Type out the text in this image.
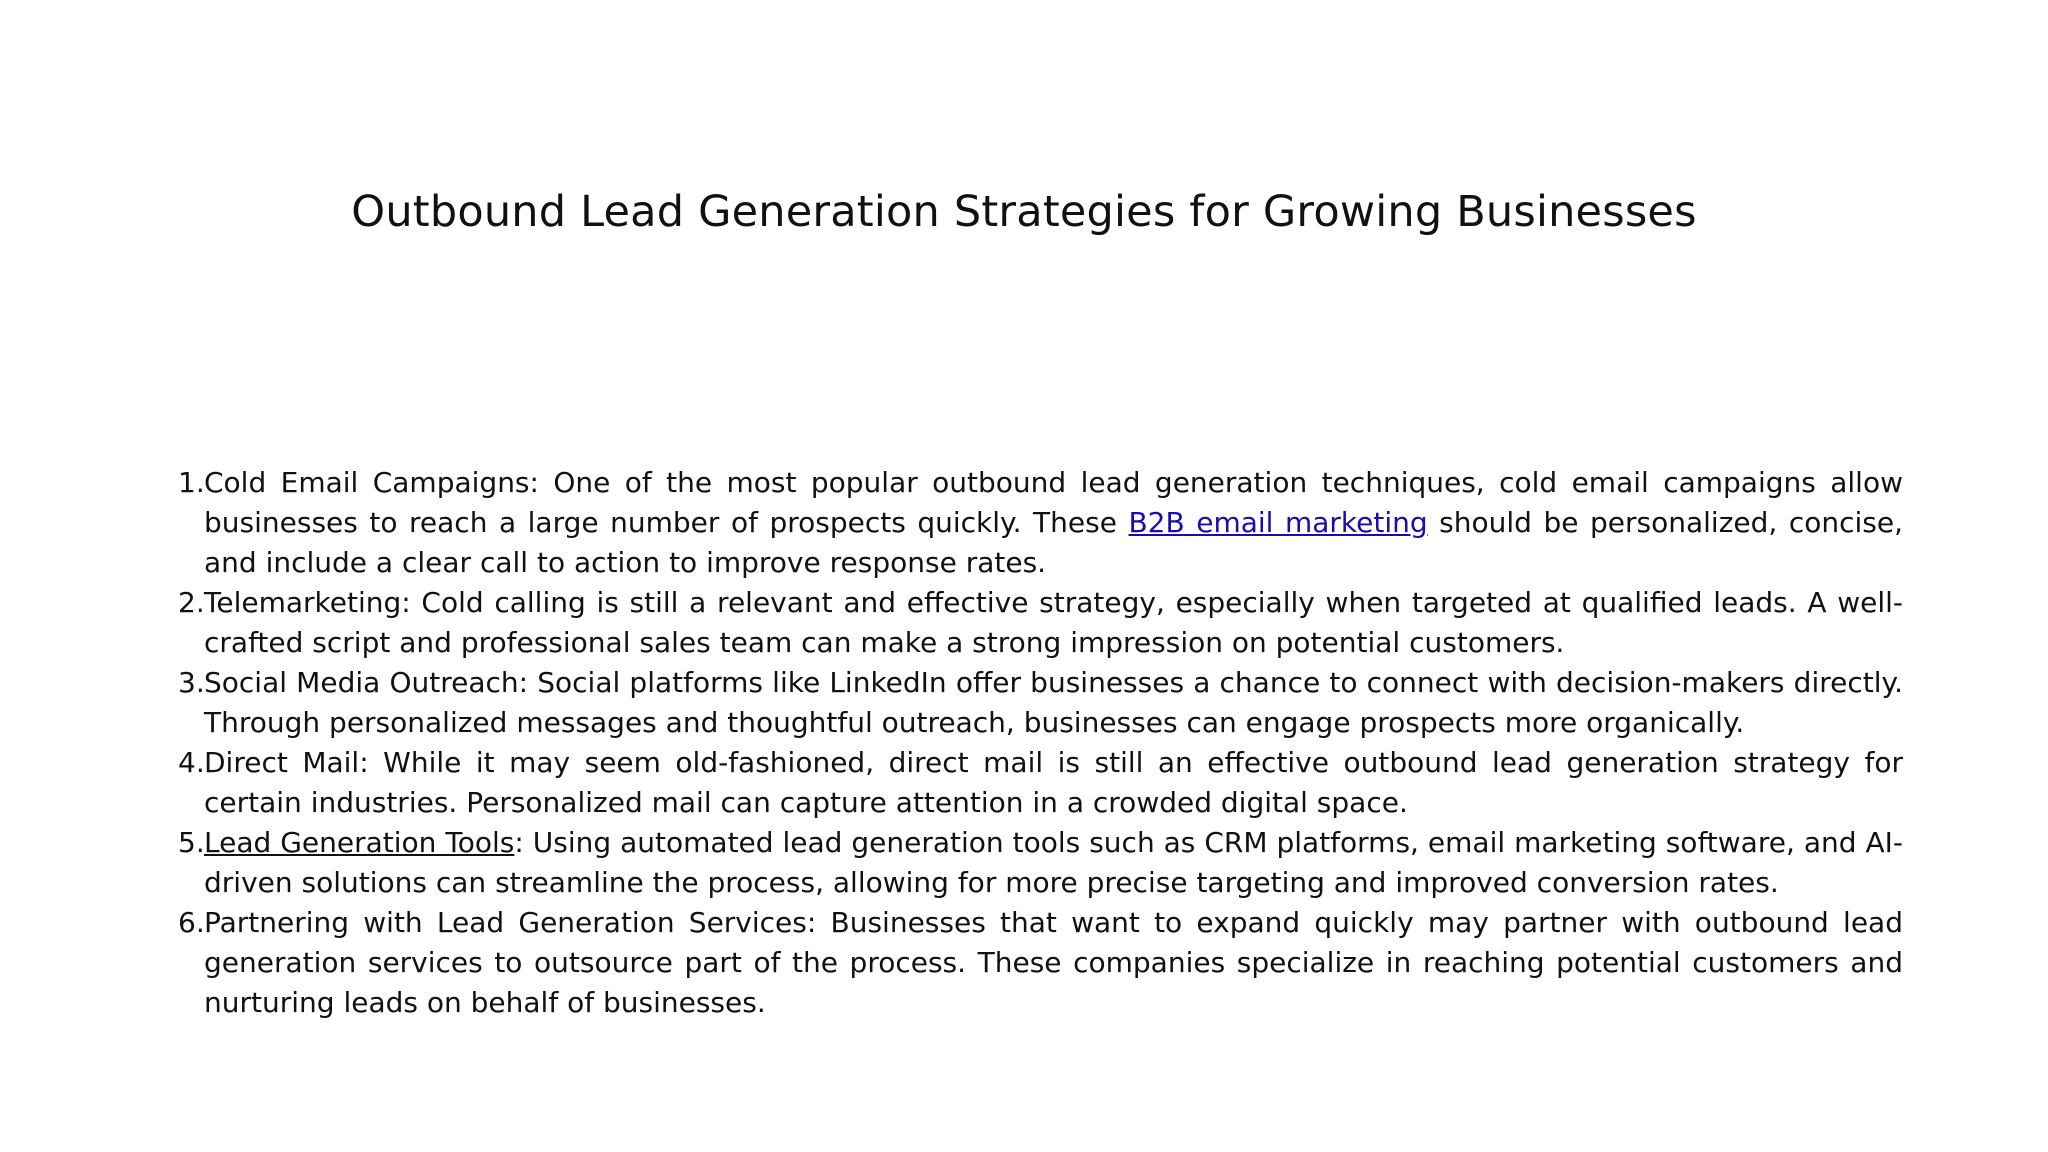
Outbound Lead Generation Strategies for Growing Businesses
1. Cold Email Campaigns: One of the most popular outbound lead generation techniques, cold email campaigns allow businesses to reach a large number of prospects quickly. These B2B email marketing should be personalized, concise, and include a clear call to action to improve response rates.
2. Telemarketing: Cold calling is still a relevant and effective strategy, especially when targeted at qualified leads. A well-crafted script and professional sales team can make a strong impression on potential customers.
3. Social Media Outreach: Social platforms like LinkedIn offer businesses a chance to connect with decision-makers directly. Through personalized messages and thoughtful outreach, businesses can engage prospects more organically.
4. Direct Mail: While it may seem old-fashioned, direct mail is still an effective outbound lead generation strategy for certain industries. Personalized mail can capture attention in a crowded digital space.
5. Lead Generation Tools: Using automated lead generation tools such as CRM platforms, email marketing software, and AI-driven solutions can streamline the process, allowing for more precise targeting and improved conversion rates.
6. Partnering with Lead Generation Services: Businesses that want to expand quickly may partner with outbound lead generation services to outsource part of the process. These companies specialize in reaching potential customers and nurturing leads on behalf of businesses.
